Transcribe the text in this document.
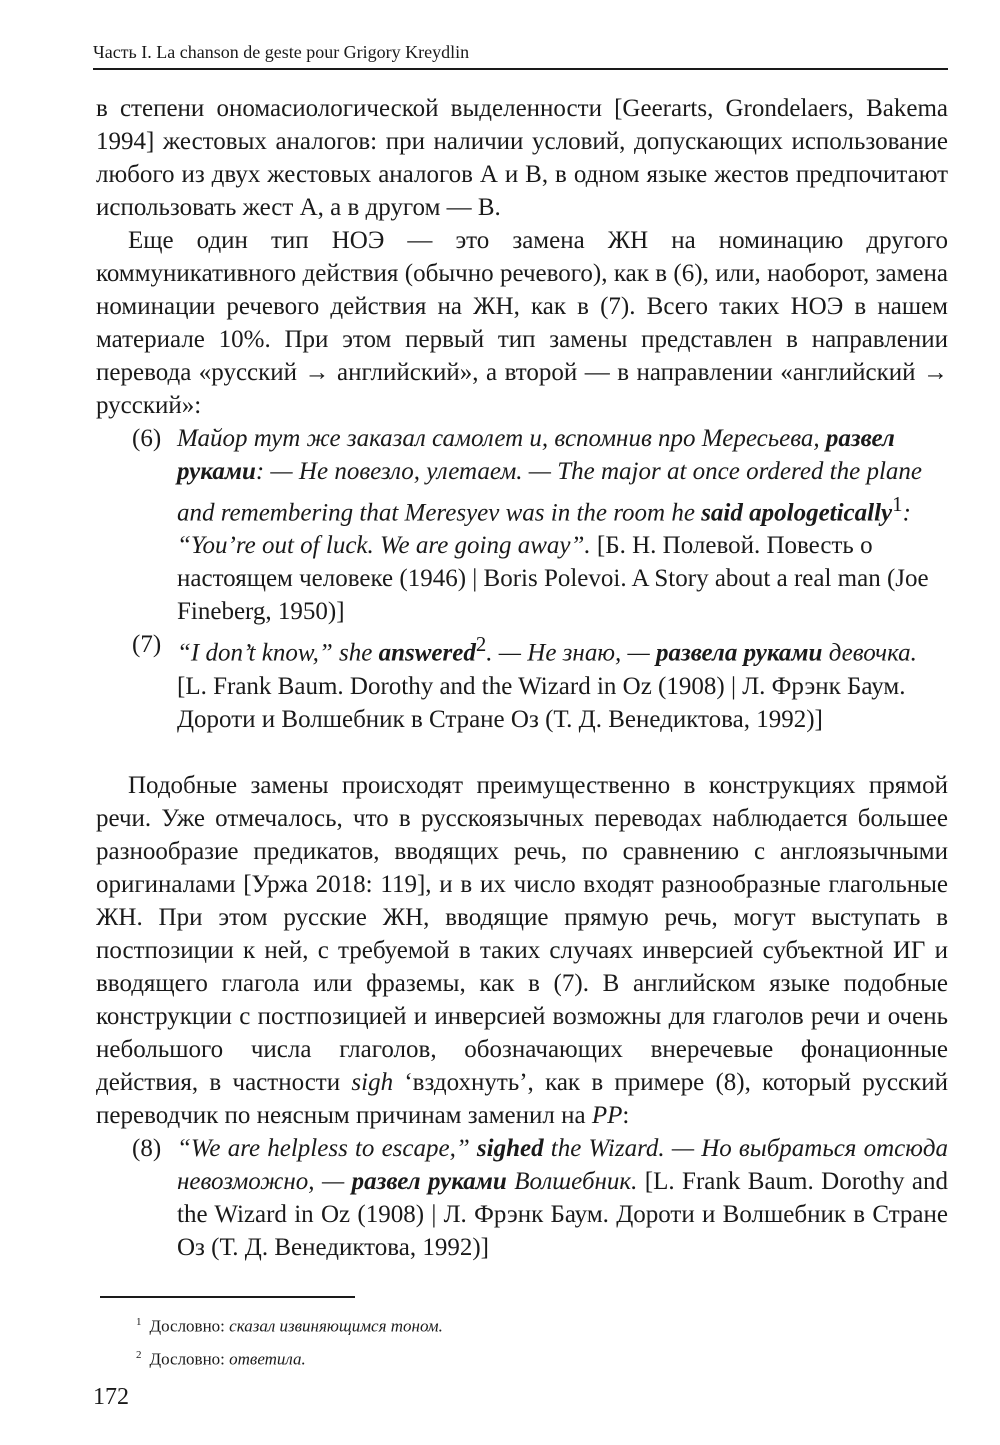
Часть I. La chanson de geste pour Grigory Kreydlin

в степени ономасиологической выделенности [Geerarts, Grondelaers, Bakema 1994] жестовых аналогов: при наличии условий, допускающих использование любого из двух жестовых аналогов А и В, в одном языке жестов предпочитают использовать жест А, а в другом — В.

Еще один тип НОЭ — это замена ЖН на номинацию другого коммуникативного действия (обычно речевого), как в (6), или, наоборот, замена номинации речевого действия на ЖН, как в (7). Всего таких НОЭ в нашем материале 10%. При этом первый тип замены представлен в направлении перевода «русский → английский», а второй — в направлении «английский → русский»:

(6) Майор тут же заказал самолет и, вспомнив про Мересьева, развел руками: — Не повезло, улетаем. — The major at once ordered the plane and remembering that Meresyev was in the room he said apologetically$^1$: “You’re out of luck. We are going away”. [Б. Н. Полевой. Повесть о настоящем человеке (1946) | Boris Polevoi. A Story about a real man (Joe Fineberg, 1950)]
(7) “I don’t know,” she answered$^2$. — Не знаю, — развела руками девочка. [L. Frank Baum. Dorothy and the Wizard in Oz (1908) | Л. Фрэнк Баум. Дороти и Волшебник в Стране Оз (Т. Д. Венедиктова, 1992)]

Подобные замены происходят преимущественно в конструкциях прямой речи. Уже отмечалось, что в русскоязычных переводах наблюдается большее разнообразие предикатов, вводящих речь, по сравнению с англоязычными оригиналами [Уржа 2018: 119], и в их число входят разнообразные глагольные ЖН. При этом русские ЖН, вводящие прямую речь, могут выступать в постпозиции к ней, с требуемой в таких случаях инверсией субъектной ИГ и вводящего глагола или фраземы, как в (7). В английском языке подобные конструкции с постпозицией и инверсией возможны для глаголов речи и очень небольшого числа глаголов, обозначающих внеречевые фонационные действия, в частности sigh ‘вздохнуть’, как в примере (8), который русский переводчик по неясным причинам заменил на РР:

(8) “We are helpless to escape,” sighed the Wizard. — Но выбраться отсюда невозможно, — развел руками Волшебник. [L. Frank Baum. Dorothy and the Wizard in Oz (1908) | Л. Фрэнк Баум. Дороти и Волшебник в Стране Оз (Т. Д. Венедиктова, 1992)]
$^1$ Дословно: сказал извиняющимся тоном.
$^2$ Дословно: ответила.
172
